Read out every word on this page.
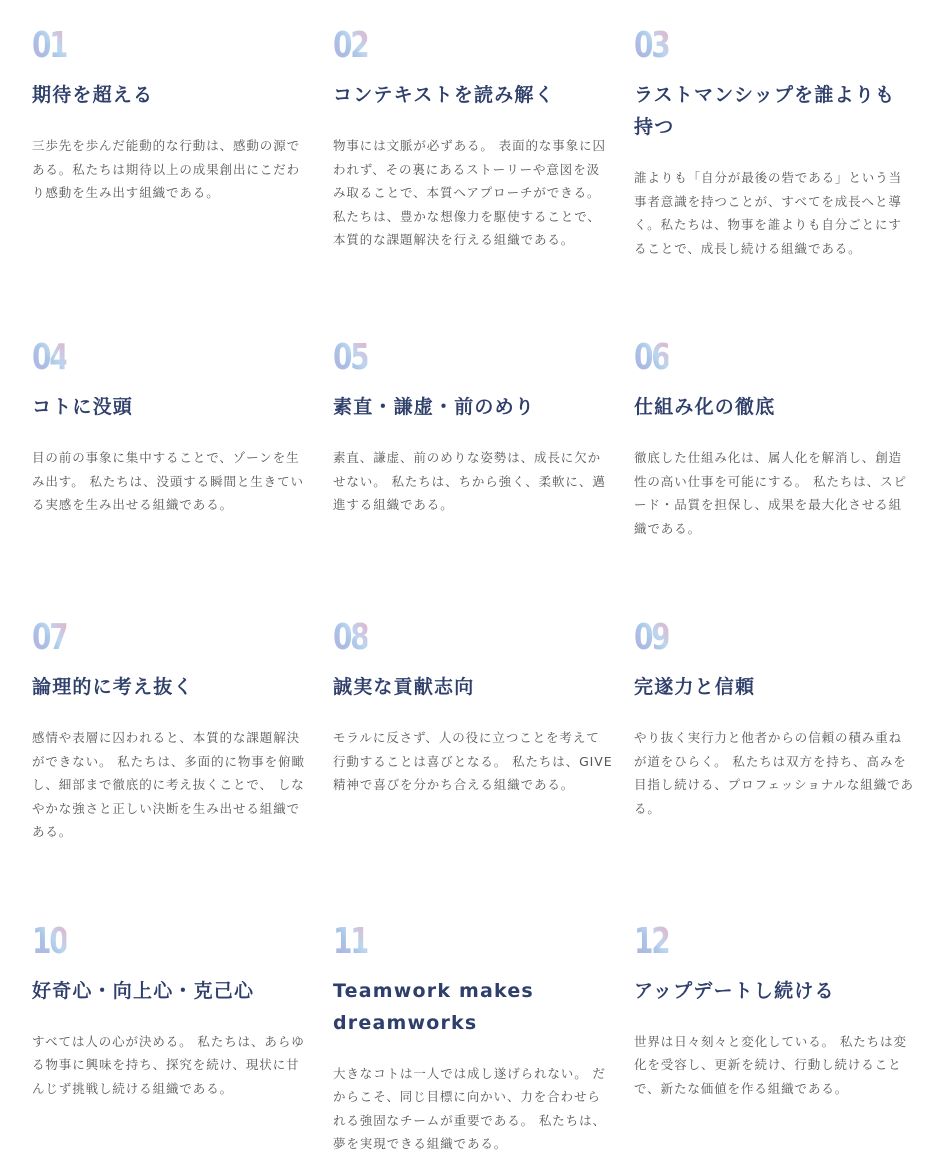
01
期待を超える

三歩先を歩んだ能動的な行動は、感動の源である。私たちは期待以上の成果創出にこだわり感動を生み出す組織である。

02
コンテキストを読み解く

物事には文脈が必ずある。 表面的な事象に囚われず、その裏にあるストーリーや意図を汲み取ることで、本質へアプローチができる。 私たちは、豊かな想像力を駆使することで、本質的な課題解決を行える組織である。

03
ラストマンシップを誰よりも持つ

誰よりも「自分が最後の砦である」という当事者意識を持つことが、すべてを成長へと導く。私たちは、物事を誰よりも自分ごとにすることで、成長し続ける組織である。

04
コトに没頭

目の前の事象に集中することで、ゾーンを生み出す。 私たちは、没頭する瞬間と生きている実感を生み出せる組織である。

05
素直・謙虚・前のめり

素直、謙虚、前のめりな姿勢は、成長に欠かせない。 私たちは、ちから強く、柔軟に、邁進する組織である。

06
仕組み化の徹底

徹底した仕組み化は、属人化を解消し、創造性の高い仕事を可能にする。 私たちは、スピード・品質を担保し、成果を最大化させる組織である。

07
論理的に考え抜く

感情や表層に囚われると、本質的な課題解決ができない。 私たちは、多面的に物事を俯瞰し、細部まで徹底的に考え抜くことで、 しなやかな強さと正しい決断を生み出せる組織である。

08
誠実な貢献志向

モラルに反さず、人の役に立つことを考えて行動することは喜びとなる。 私たちは、GIVE精神で喜びを分かち合える組織である。

09
完遂力と信頼

やり抜く実行力と他者からの信頼の積み重ねが道をひらく。 私たちは双方を持ち、高みを目指し続ける、プロフェッショナルな組織である。

10
好奇心・向上心・克己心

すべては人の心が決める。 私たちは、あらゆる物事に興味を持ち、探究を続け、現状に甘んじず挑戦し続ける組織である。

11
Teamwork makes dreamworks

大きなコトは一人では成し遂げられない。 だからこそ、同じ目標に向かい、力を合わせられる強固なチームが重要である。 私たちは、夢を実現できる組織である。

12
アップデートし続ける

世界は日々刻々と変化している。 私たちは変化を受容し、更新を続け、行動し続けることで、新たな価値を作る組織である。
